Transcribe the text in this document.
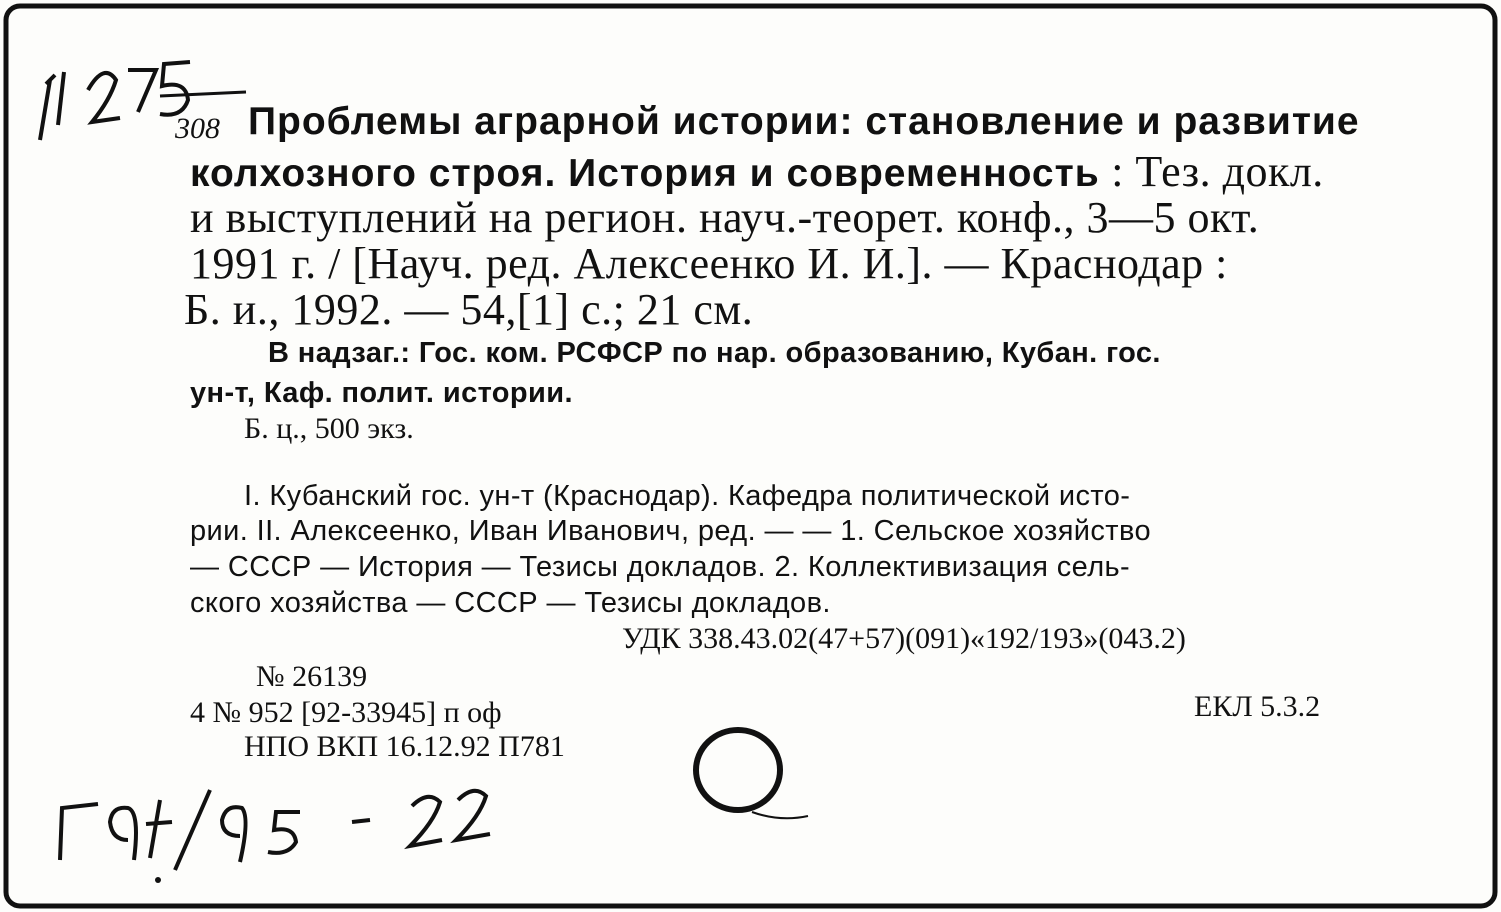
308 Проблемы аграрной истории: становление и развитие

колхозного строя. История и современность : Тез. докл.

и выступлений на регион. науч.-теорет. конф., 3—5 окт.

1991 г. / [Науч. ред. Алексеенко И. И.]. — Краснодар :

Б. и., 1992. — 54,[1] с.; 21 см.

В надзаг.: Гос. ком. РСФСР по нар. образованию, Кубан. гос.

ун-т, Каф. полит. истории.

Б. ц., 500 экз.

I. Кубанский гос. ун-т (Краснодар). Кафедра политической исто-

рии. II. Алексеенко, Иван Иванович, ред. — — 1. Сельское хозяйство

— СССР — История — Тезисы докладов. 2. Коллективизация сель-

ского хозяйства — СССР — Тезисы докладов.

УДК 338.43.02(47+57)(091)«192/193»(043.2)

№ 26139

4 № 952 [92-33945] п оф

НПО ВКП 16.12.92 П781

ЕКЛ 5.3.2
